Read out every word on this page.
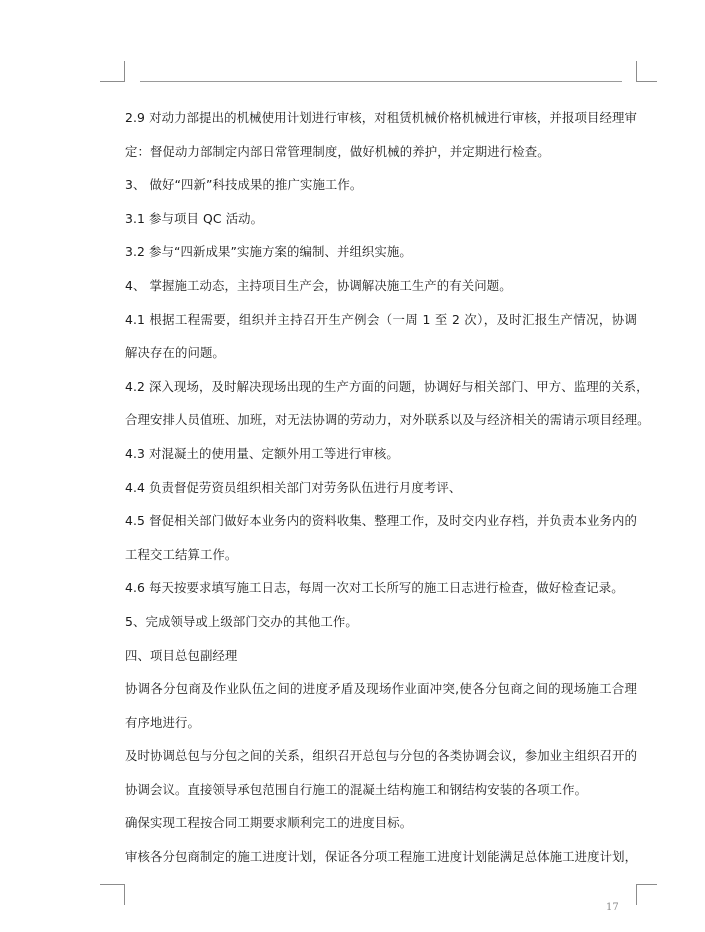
2.9 对动力部提出的机械使用计划进行审核，对租赁机械价格机械进行审核，并报项目经理审
定：督促动力部制定内部日常管理制度，做好机械的养护，并定期进行检查。
3、 做好“四新”科技成果的推广实施工作。
3.1 参与项目 QC 活动。
3.2 参与“四新成果”实施方案的编制、并组织实施。
4、 掌握施工动态，主持项目生产会，协调解决施工生产的有关问题。
4.1 根据工程需要，组织并主持召开生产例会（一周 1 至 2 次），及时汇报生产情况，协调
解决存在的问题。
4.2 深入现场，及时解决现场出现的生产方面的问题，协调好与相关部门、甲方、监理的关系，
合理安排人员值班、加班，对无法协调的劳动力，对外联系以及与经济相关的需请示项目经理。
4.3 对混凝土的使用量、定额外用工等进行审核。
4.4 负责督促劳资员组织相关部门对劳务队伍进行月度考评、
4.5 督促相关部门做好本业务内的资料收集、整理工作，及时交内业存档，并负责本业务内的
工程交工结算工作。
4.6 每天按要求填写施工日志，每周一次对工长所写的施工日志进行检查，做好检查记录。
5、完成领导或上级部门交办的其他工作。
四、项目总包副经理
协调各分包商及作业队伍之间的进度矛盾及现场作业面冲突,使各分包商之间的现场施工合理
有序地进行。
及时协调总包与分包之间的关系，组织召开总包与分包的各类协调会议，参加业主组织召开的
协调会议。直接领导承包范围自行施工的混凝土结构施工和钢结构安装的各项工作。
确保实现工程按合同工期要求顺利完工的进度目标。
审核各分包商制定的施工进度计划，保证各分项工程施工进度计划能满足总体施工进度计划，
17
